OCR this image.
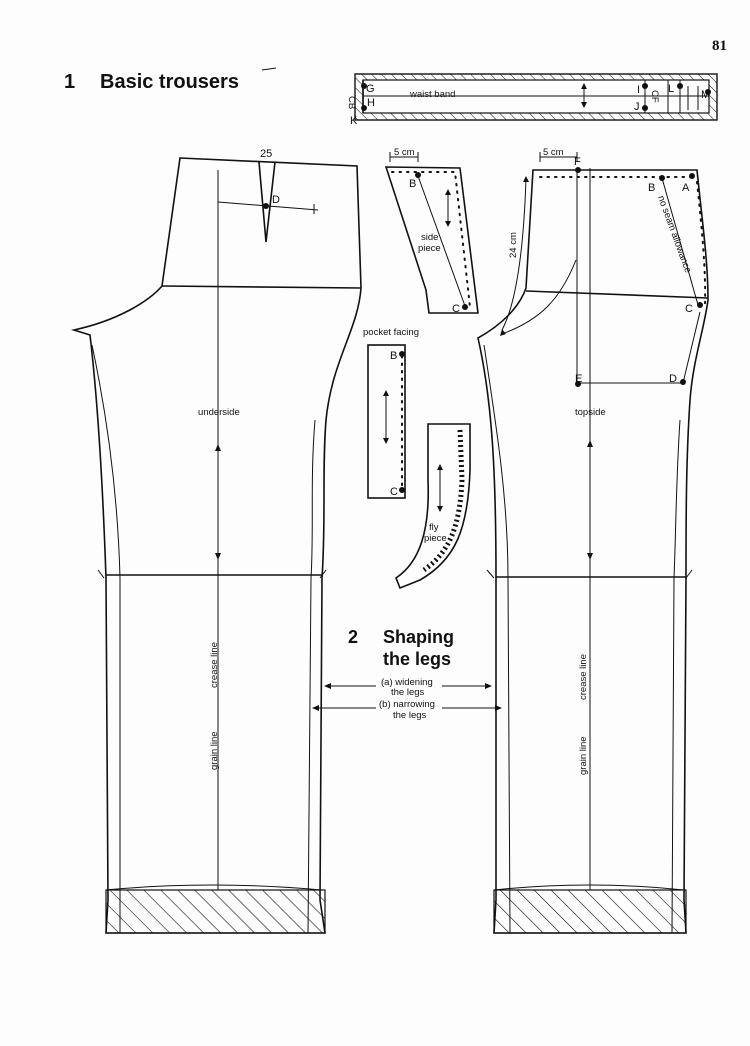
81
1 Basic trousers
waist band
CB	CF
G
H
K
I
J
L M
25
D
underside
crease line
grain line
5 cm
B
C
side
piece
pocket facing
B
C
fly
piece
5 cm
24 cm	no seam allowance
F
B A
C
E	D
topside
crease line
grain line
2 Shaping
the legs
(a) widening
the legs
(b) narrowing
the legs
